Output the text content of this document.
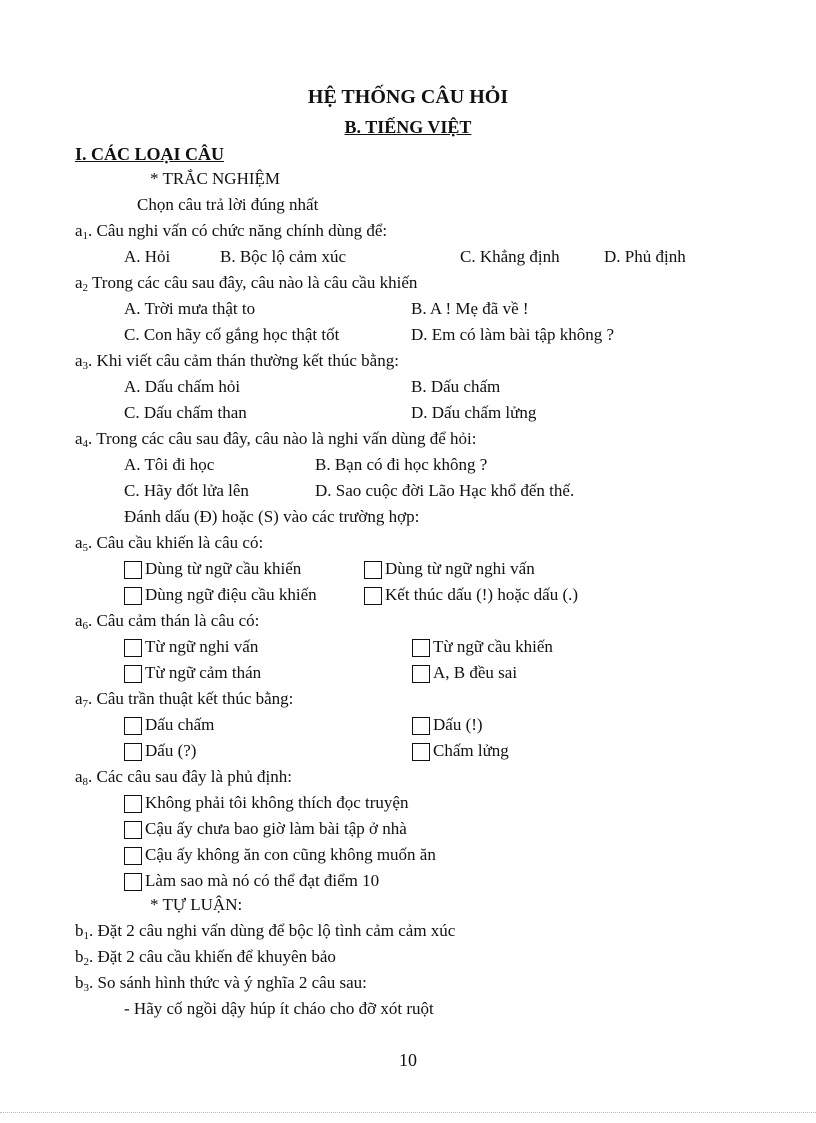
HỆ THỐNG CÂU HỎI
B. TIẾNG VIỆT
I. CÁC LOẠI CÂU
* TRẮC NGHIỆM
Chọn câu trả lời đúng nhất
$a_1$. Câu nghi vấn có chức năng chính dùng để:
A. Hỏi	B. Bộc lộ cảm xúc	C. Khẳng định	D. Phủ định
$a_2$ Trong các câu sau đây, câu nào là câu cầu khiến
A. Trời mưa thật to	B. A ! Mẹ đã về !
C. Con hãy cố gắng học thật tốt	D. Em có làm bài tập không ?
$a_3$. Khi viết câu cảm thán thường kết thúc bằng:
A. Dấu chấm hỏi	B. Dấu chấm
C. Dấu chấm than	D. Dấu chấm lửng
$a_4$. Trong các câu sau đây, câu nào là nghi vấn dùng để hỏi:
A. Tôi đi học	B. Bạn có đi học không ?
C. Hãy đốt lửa lên	D. Sao cuộc đời Lão Hạc khổ đến thế.
Đánh dấu (Đ) hoặc (S) vào các trường hợp:
$a_5$. Câu cầu khiến là câu có:
Dùng từ ngữ cầu khiến	Dùng từ ngữ nghi vấn
Dùng ngữ điệu cầu khiến	Kết thúc dấu (!) hoặc dấu (.)
$a_6$. Câu cảm thán là câu có:
Từ ngữ nghi vấn	Từ ngữ cầu khiến
Từ ngữ cảm thán	A, B đều sai
$a_7$. Câu trần thuật kết thúc bằng:
Dấu chấm	Dấu (!)
Dấu (?)	Chấm lửng
$a_8$. Các câu sau đây là phủ định:
Không phải tôi không thích đọc truyện
Cậu ấy chưa bao giờ làm bài tập ở nhà
Cậu ấy không ăn con cũng không muốn ăn
Làm sao mà nó có thể đạt điểm 10
* TỰ LUẬN:
$b_1$. Đặt 2 câu nghi vấn dùng để bộc lộ tình cảm cảm xúc
$b_2$. Đặt 2 câu cầu khiến để khuyên bảo
$b_3$. So sánh hình thức và ý nghĩa 2 câu sau:
- Hãy cố ngồi dậy húp ít cháo cho đỡ xót ruột
10
